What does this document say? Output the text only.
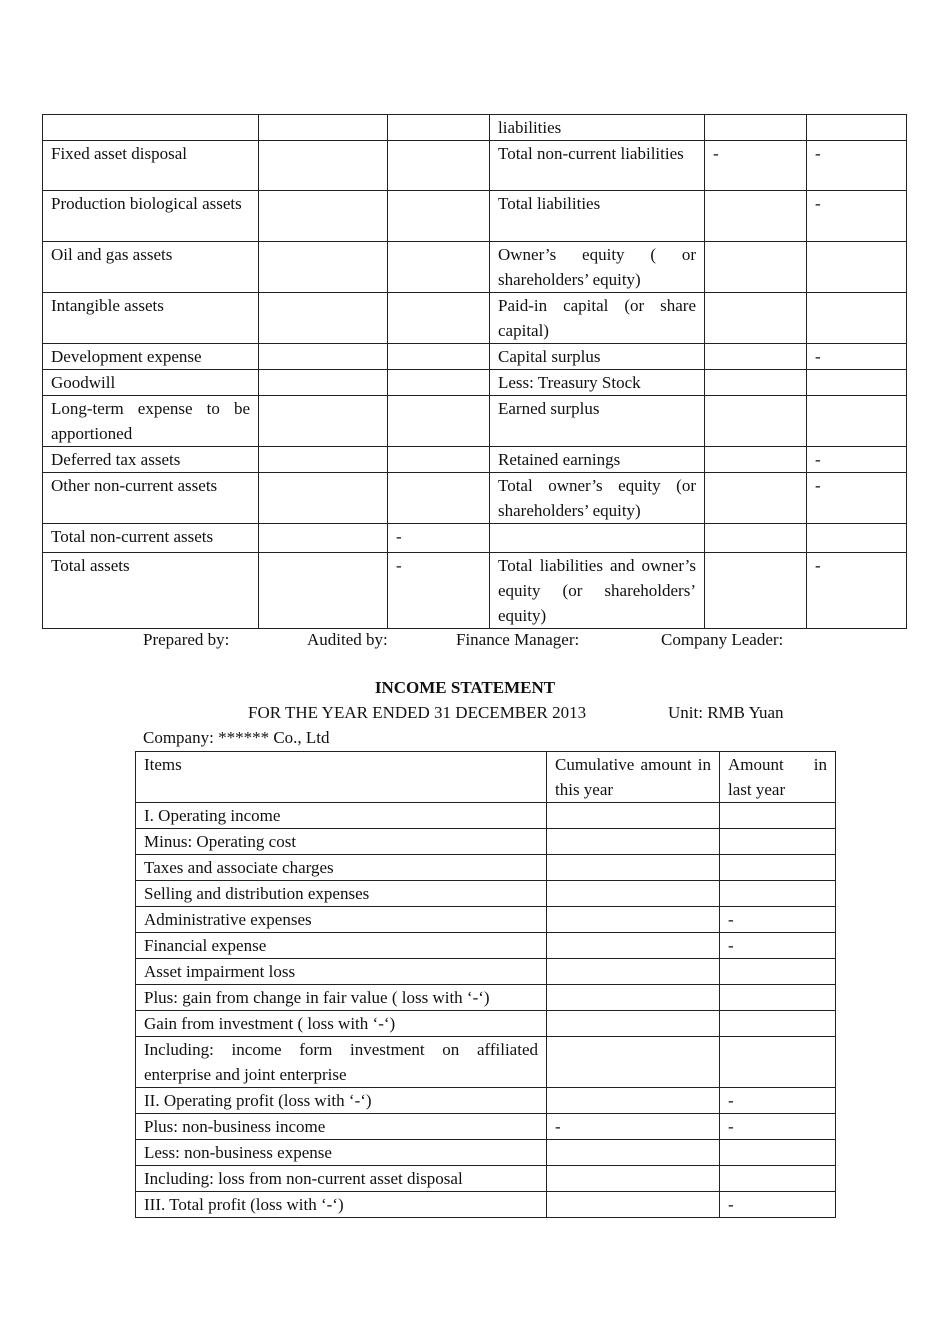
			liabilities		
Fixed asset disposal			Total non-current liabilities	-	-
Production biological assets			Total liabilities		-
Oil and gas assets			Owner’s equity ( or shareholders’ equity)		
Intangible assets			Paid-in capital (or share capital)		
Development expense			Capital surplus		-
Goodwill			Less: Treasury Stock		
Long-term expense to be apportioned			Earned surplus		
Deferred tax assets			Retained earnings		-
Other non-current assets			Total owner’s equity (or shareholders’ equity)		-
Total non-current assets		-			
Total assets		-	Total liabilities and owner’s equity (or shareholders’ equity)		-
Prepared by:	Audited by:	Finance Manager:	Company Leader:
INCOME STATEMENT
FOR THE YEAR ENDED 31 DECEMBER 2013	Unit: RMB Yuan
Company: ****** Co., Ltd
Items	Cumulative amount in this year	Amount in last year
I. Operating income		
Minus: Operating cost		
Taxes and associate charges		
Selling and distribution expenses		
Administrative expenses		-
Financial expense		-
Asset impairment loss		
Plus: gain from change in fair value ( loss with ‘-‘)		
Gain from investment ( loss with ‘-‘)		
Including: income form investment on affiliated enterprise and joint enterprise		
II. Operating profit (loss with ‘-‘)		-
Plus: non-business income	-	-
Less: non-business expense		
Including: loss from non-current asset disposal		
III. Total profit (loss with ‘-‘)		-
